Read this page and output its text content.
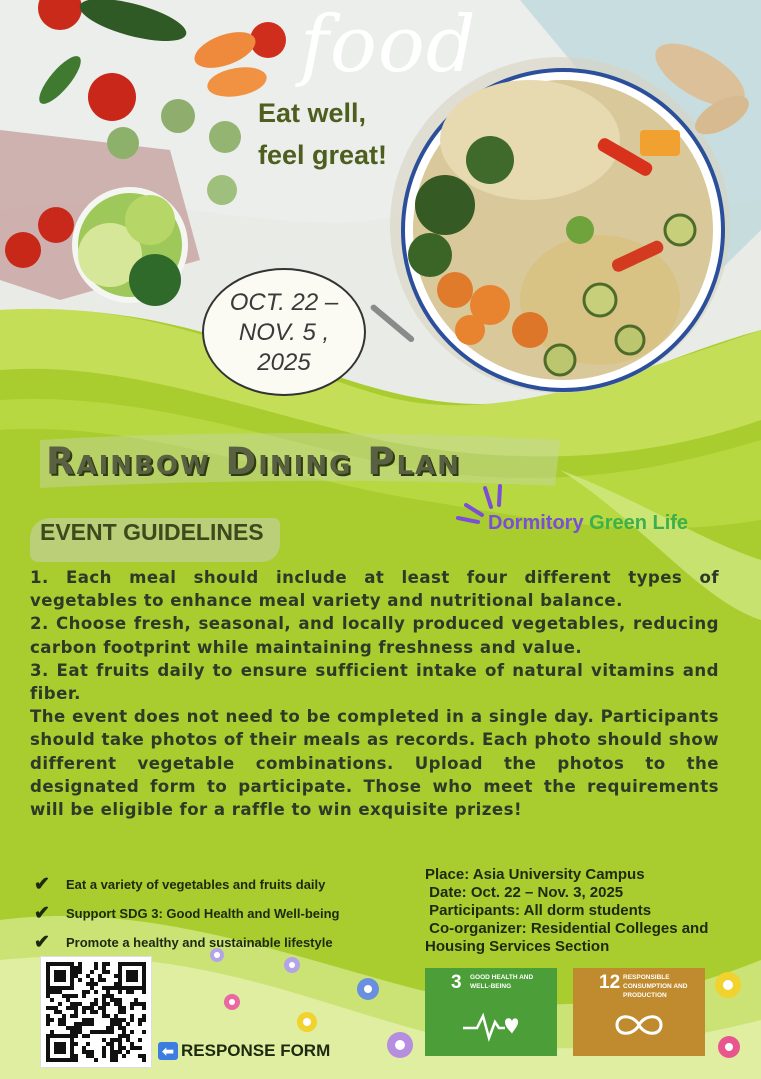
food
Eat well,
feel great!
OCT. 22 –
NOV. 5 ,
2025
Rainbow Dining Plan
Dormitory Green Life
EVENT GUIDELINES

1. Each meal should include at least four different types of vegetables to enhance meal variety and nutritional balance.

2. Choose fresh, seasonal, and locally produced vegetables, reducing carbon footprint while maintaining freshness and value.

3. Eat fruits daily to ensure sufficient intake of natural vitamins and fiber.

The event does not need to be completed in a single day. Participants should take photos of their meals as records. Each photo should show different vegetable combinations. Upload the photos to the designated form to participate. Those who meet the requirements will be eligible for a raffle to win exquisite prizes!

✔	Eat a variety of vegetables and fruits daily
✔	Support SDG 3: Good Health and Well-being
✔	Promote a healthy and sustainable lifestyle
Place: Asia University Campus
Date: Oct. 22 – Nov. 3, 2025
Participants: All dorm students
Co-organizer: Residential Colleges and
Housing Services Section
⬅ RESPONSE FORM
3 GOOD HEALTH AND WELL-BEING	12 RESPONSIBLE CONSUMPTION AND PRODUCTION
